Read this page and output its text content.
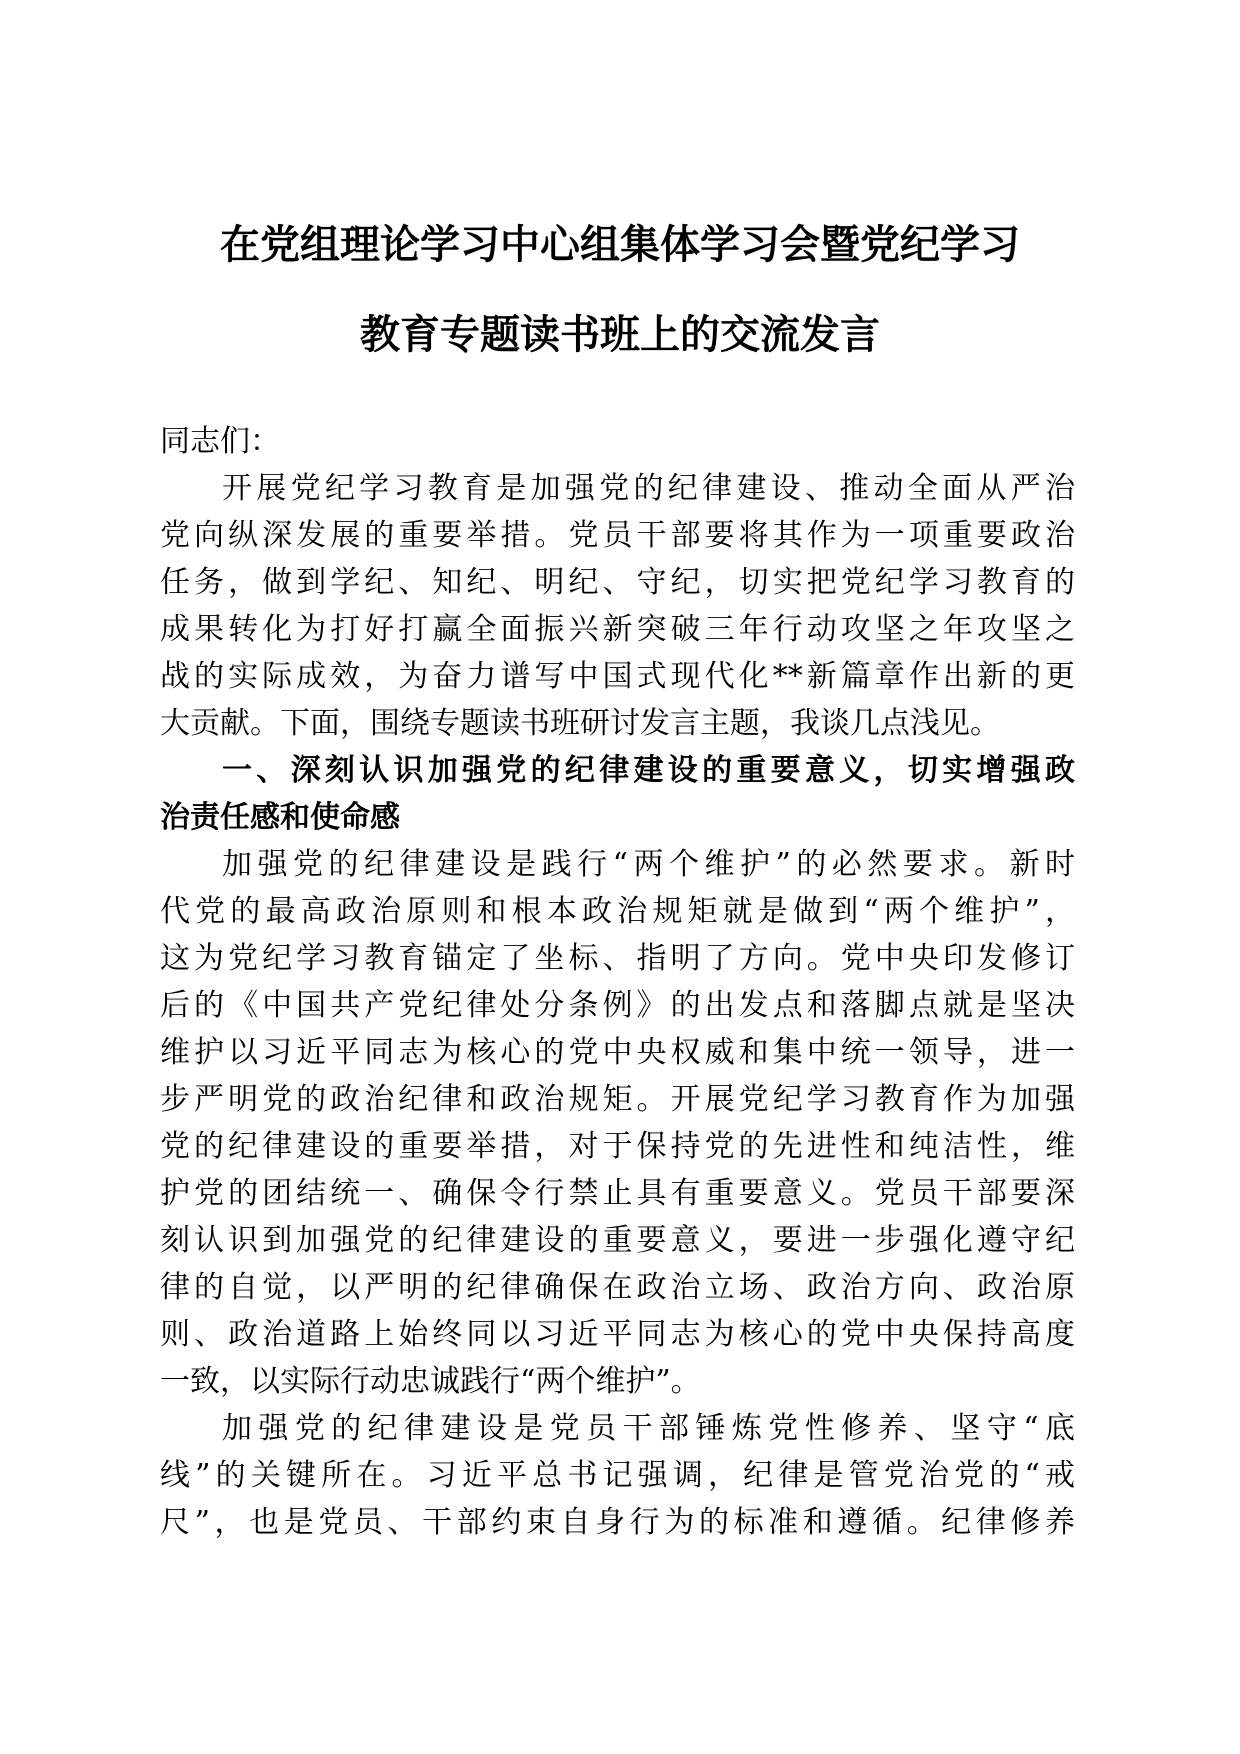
在党组理论学习中心组集体学习会暨党纪学习
教育专题读书班上的交流发言
同志们：
开展党纪学习教育是加强党的纪律建设、推动全面从严治
党向纵深发展的重要举措。党员干部要将其作为一项重要政治
任务，做到学纪、知纪、明纪、守纪，切实把党纪学习教育的
成果转化为打好打赢全面振兴新突破三年行动攻坚之年攻坚之
战的实际成效，为奋力谱写中国式现代化**新篇章作出新的更
大贡献。下面，围绕专题读书班研讨发言主题，我谈几点浅见。
一、深刻认识加强党的纪律建设的重要意义，切实增强政
治责任感和使命感
加强党的纪律建设是践行“两个维护”的必然要求。新时
代党的最高政治原则和根本政治规矩就是做到“两个维护”，
这为党纪学习教育锚定了坐标、指明了方向。党中央印发修订
后的《中国共产党纪律处分条例》的出发点和落脚点就是坚决
维护以习近平同志为核心的党中央权威和集中统一领导，进一
步严明党的政治纪律和政治规矩。开展党纪学习教育作为加强
党的纪律建设的重要举措，对于保持党的先进性和纯洁性，维
护党的团结统一、确保令行禁止具有重要意义。党员干部要深
刻认识到加强党的纪律建设的重要意义，要进一步强化遵守纪
律的自觉，以严明的纪律确保在政治立场、政治方向、政治原
则、政治道路上始终同以习近平同志为核心的党中央保持高度
一致，以实际行动忠诚践行“两个维护”。
加强党的纪律建设是党员干部锤炼党性修养、坚守“底
线”的关键所在。习近平总书记强调，纪律是管党治党的“戒
尺”，也是党员、干部约束自身行为的标准和遵循。纪律修养
